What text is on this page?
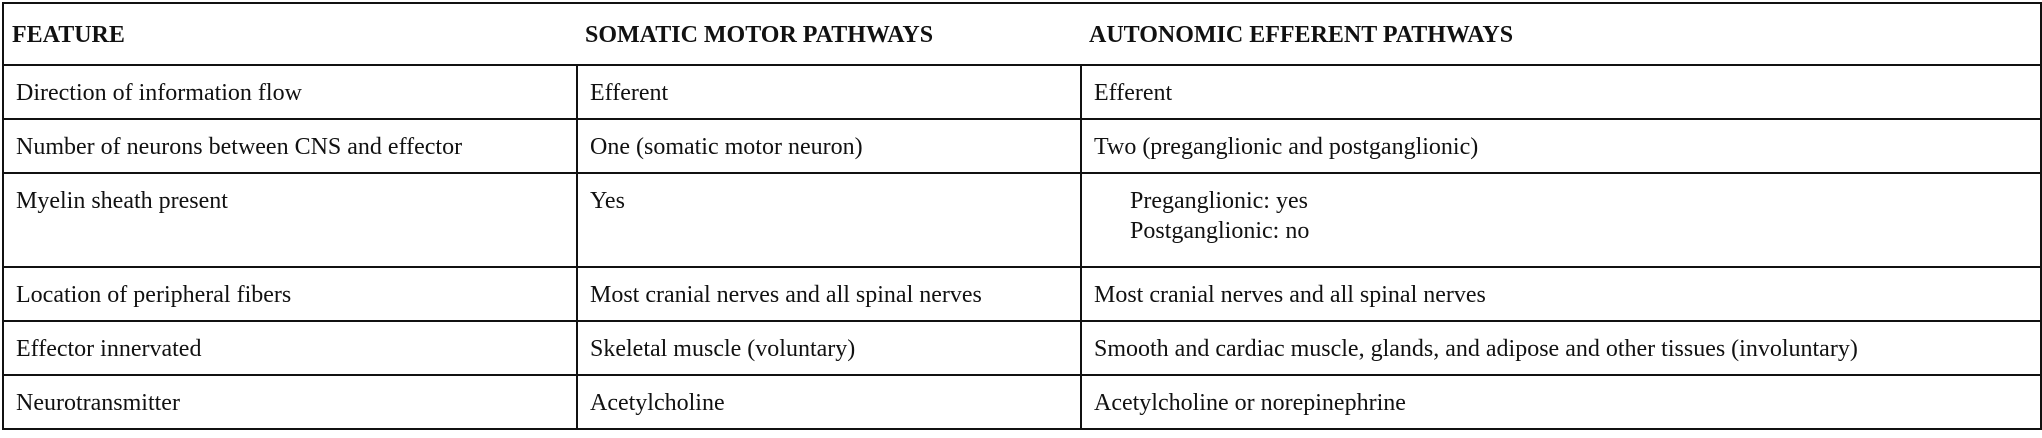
FEATURE	SOMATIC MOTOR PATHWAYS	AUTONOMIC EFFERENT PATHWAYS
Direction of information flow	Efferent	Efferent
Number of neurons between CNS and effector	One (somatic motor neuron)	Two (preganglionic and postganglionic)
Myelin sheath present	Yes	Preganglionic: yes
Postganglionic: no

Location of peripheral fibers	Most cranial nerves and all spinal nerves	Most cranial nerves and all spinal nerves
Effector innervated	Skeletal muscle (voluntary)	Smooth and cardiac muscle, glands, and adipose and other tissues (involuntary)
Neurotransmitter	Acetylcholine	Acetylcholine or norepinephrine
